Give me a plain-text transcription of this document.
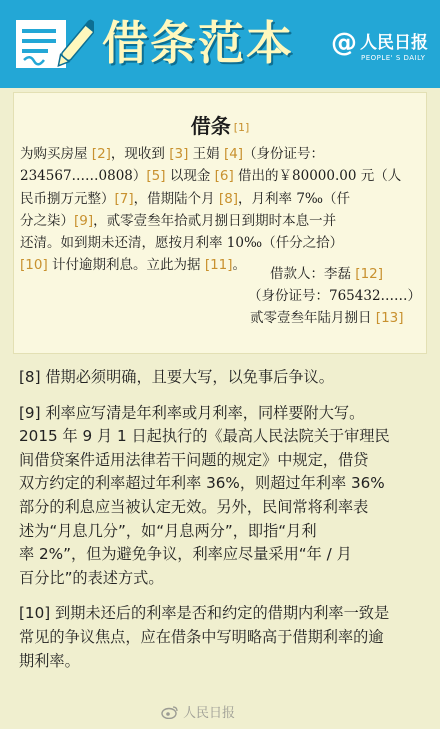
借条范本 @ 人民日报
PEOPLE' S DAILY
借条 [1]
为购买房屋 [2]，现收到 [3] 王娟 [4]（身份证号：
234567……0808）[5] 以现金 [6] 借出的￥80000.00 元（人
民币捌万元整）[7]，借期陆个月 [8]，月利率 7‰（仟
分之柒）[9]，贰零壹叁年拾贰月捌日到期时本息一并
还清。如到期未还清，愿按月利率 10‰（仟分之拾）
[10] 计付逾期利息。立此为据 [11]。
借款人：李磊 [12]
（身份证号：765432……）
贰零壹叁年陆月捌日 [13]
[8] 借期必须明确，且要大写，以免事后争议。
[9] 利率应写清是年利率或月利率，同样要附大写。
2015 年 9 月 1 日起执行的《最高人民法院关于审理民
间借贷案件适用法律若干问题的规定》中规定，借贷
双方约定的利率超过年利率 36%，则超过年利率 36%
部分的利息应当被认定无效。另外，民间常将利率表
述为“月息几分”，如“月息两分”，即指“月利
率 2%”，但为避免争议，利率应尽量采用“年 / 月
百分比”的表述方式。
[10] 到期未还后的利率是否和约定的借期内利率一致是
常见的争议焦点，应在借条中写明略高于借期利率的逾
期利率。
人民日报
